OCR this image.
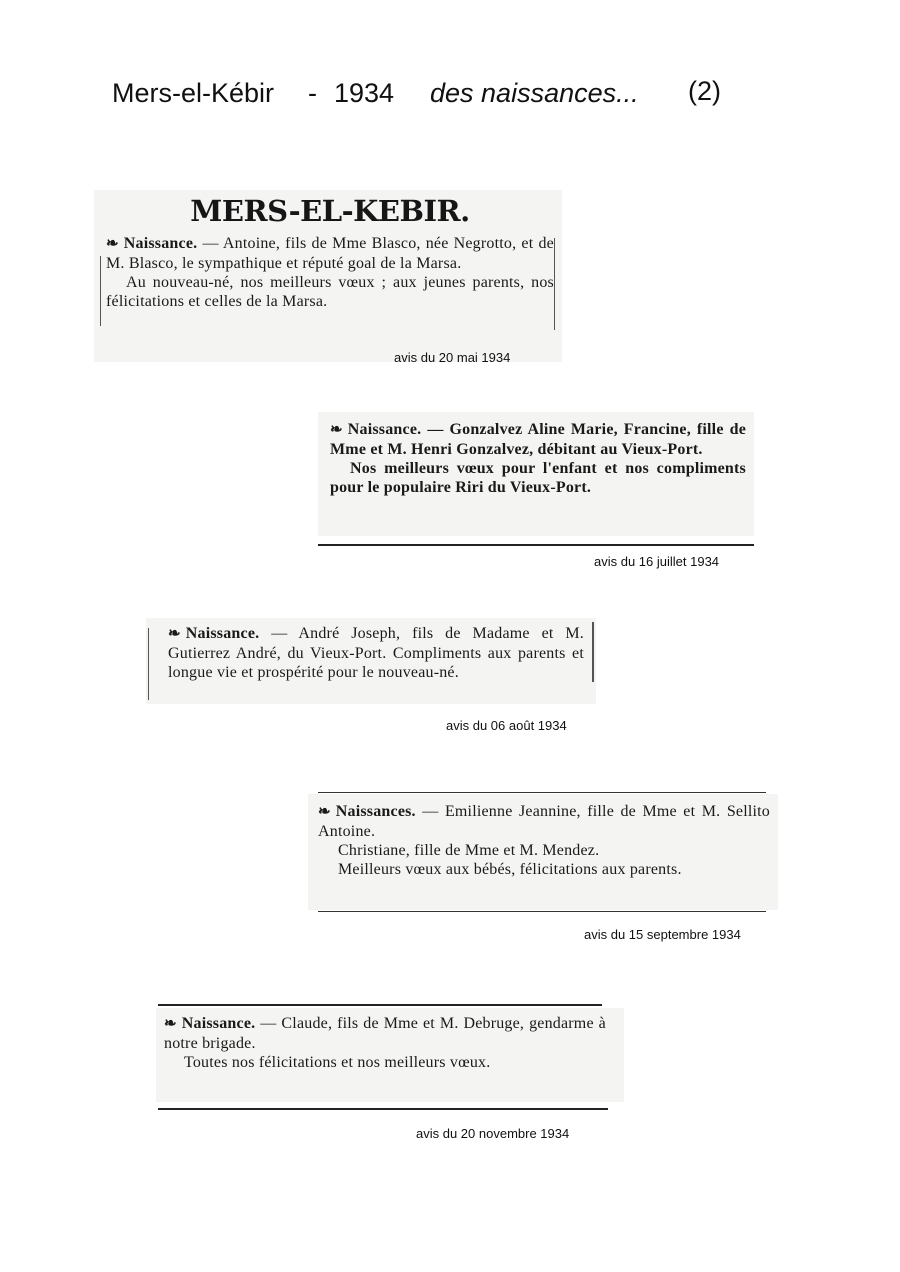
Mers-el-Kébir - 1934 des naissances... (2)
MERS-EL-KEBIR.

❧ Naissance. — Antoine, fils de Mme Blasco, née Negrotto, et de M. Blasco, le sympathique et réputé goal de la Marsa.

Au nouveau-né, nos meilleurs vœux ; aux jeunes parents, nos félicitations et celles de la Marsa.

avis du 20 mai 1934

❧ Naissance. — Gonzalvez Aline Marie, Francine, fille de Mme et M. Henri Gonzalvez, débitant au Vieux-Port.

Nos meilleurs vœux pour l'enfant et nos compliments pour le populaire Riri du Vieux-Port.

avis du 16 juillet 1934

❧ Naissance. — André Joseph, fils de Madame et M. Gutierrez André, du Vieux-Port. Compliments aux parents et longue vie et prospérité pour le nouveau-né.

avis du 06 août 1934

❧ Naissances. — Emilienne Jeannine, fille de Mme et M. Sellito Antoine.

Christiane, fille de Mme et M. Mendez.

Meilleurs vœux aux bébés, félicitations aux parents.

avis du 15 septembre 1934

❧ Naissance. — Claude, fils de Mme et M. Debruge, gendarme à notre brigade.

Toutes nos félicitations et nos meilleurs vœux.

avis du 20 novembre 1934
